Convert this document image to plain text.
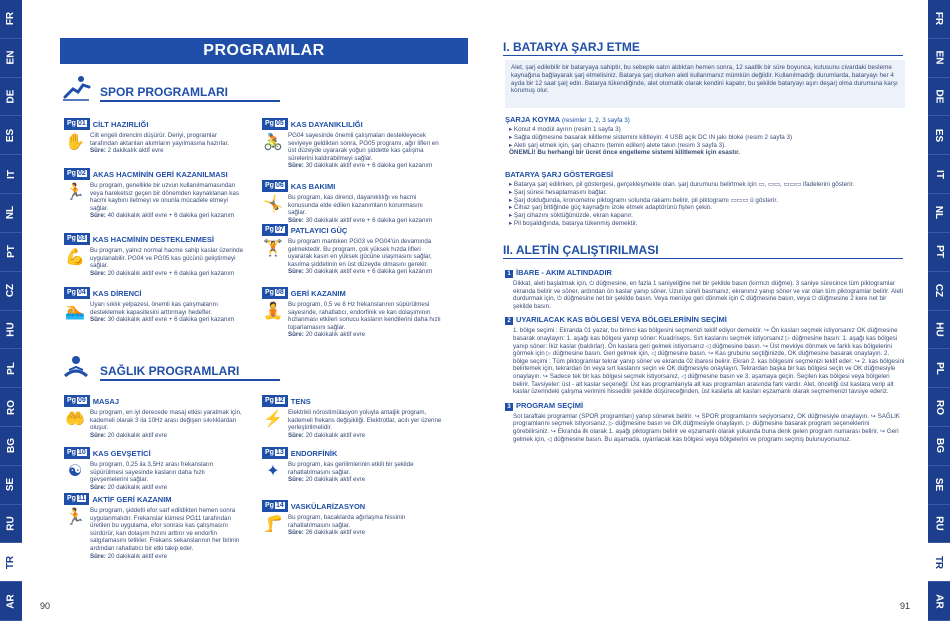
FR
EN
DE
ES
IT
NL
PT
CZ
HU
PL
RO
BG
SE
RU
TR
AR
FR
EN
DE
ES
IT
NL
PT
CZ
HU
PL
RO
BG
SE
RU
TR
AR
PROGRAMLAR
SPOR PROGRAMLARI
Pg 01 CİLT HAZIRLIĞI
✋ Cilt engeli direncini düşürür. Deriyi, programlar tarafından aktarılan akımların yayılmasına hazırlar.
Süre: 2 dakikalık aktif evre
Pg 02 AKAS HACMİNİN GERİ KAZANILMASI
🏃 Bu program, genellikle bir uzvun kullanılmamasından veya hareketsiz geçen bir dönemden kaynaklanan kas hacmi kaybını iletmeyi ve onunla mücadele etmeyi sağlar.
Süre: 40 dakikalık aktif evre + 6 dakika geri kazanım
Pg 03 KAS HACMİNİN DESTEKLENMESİ
💪 Bu program, yalnız normal hacme sahip kaslar üzerinde uygulanabilir. PG04 ve PG05 kas gücünü geliştirmeyi sağlar.
Süre: 20 dakikalık aktif evre + 6 dakika geri kazanım
Pg 04 KAS DİRENCİ
🏊 Uyarı sıklık yelpazesi, önemli kas çalışmalarını desteklemek kapasitesini arttırmayı hedefler.
Süre: 30 dakikalık aktif evre + 6 dakika geri kazanım
Pg 05 KAS DAYANIKLILIĞI
🚴 PG04 sayesinde önemli çalışmaları destekleyecek seviyeye geldikten sonra, PG05 programı, ağır lifleri en üst düzeyde uyararak yoğun şiddette kas çalışma sürelerini kaldırabilmeyi sağlar.
Süre: 30 dakikalık aktif evre + 6 dakika geri kazanım
Pg 06 KAS BAKIMI
🤸 Bu program, kas direnci, dayanıklılığı ve hacmi konusunda elde edilen kazanımların korunmasını sağlar.
Süre: 30 dakikalık aktif evre + 6 dakika geri kazanım
Pg 07 PATLAYICI GÜÇ
🏋 Bu program mantıken PG03 ve PG04'ün devamında gelmektedir. Bu program, çok yüksek hızda lifleri uyararak kasın en yüksek gücüne ulaşmasını sağlar, kasılma şiddetinin en üst düzeyde olmasını gerekir.
Süre: 30 dakikalık aktif evre + 6 dakika geri kazanım
Pg 08 GERİ KAZANIM
🧘 Bu program, 0,5 ve 8 Hz frekanslarının süpürülmesi sayesinde, rahatlatıcı, endorfinik ve kan dolaşımının hızlanması etkileri sonucu kasların kendilerini daha hızlı toparlamasını sağlar.
Süre: 20 dakikalık aktif evre
SAĞLIK PROGRAMLARI
Pg 09 MASAJ
🤲 Bu program, en iyi derecede masaj etkisi yaratmak için, kademeli olarak 3 ila 10Hz arası değişen sıkılıklardan oluşur.
Süre: 20 dakikalık aktif evre
Pg 10 KAS GEVŞETİCİ
☯	Bu program, 0,25 ila 3,5Hz arası frekansların süpürülmesi sayesinde kasların daha hızlı gevşemelerini sağlar.
Süre: 20 dakikalık aktif evre
Pg 11 AKTİF GERİ KAZANIM
🏃 Bu program, şiddetli efor sarf edildikten hemen sonra uygulanmalıdır. Frekanslar kümesi PG11 tarafından üretilen bu uygulama, efor sonrası kas çalışmasını sürdürür, kan dolaşım hızını arttırır ve endorfin salgılamasını tetikler. Frekans sekanslarının her birinin ardından rahatlatıcı bir etki takip eder.
Süre: 20 dakikalık aktif evre
Pg 12 TENS
⚡ Elektrikli nörostimülasyon yoluyla antaljik program, kademeli frekans değişikliği. Elektrotlar, acılı yer üzerine yerleştirilmelidir.
Süre: 20 dakikalık aktif evre
Pg 13 ENDORFİNİK
✦	Bu program, kas gerilimlerinin etkili bir şekilde rahatlatılmasını sağlar.
Süre: 20 dakikalık aktif evre
Pg 14 VASKÜLARİZASYON
🦵 Bu program, bacaklarda ağırlaşma hissinin rahatlatılmasını sağlar.
Süre: 26 dakikalık aktif evre
90
I. BATARYA ŞARJ ETME
Alet, şarj edilebilir bir bataryaya sahiptir, bu sebeple satın aldıktan hemen sonra, 12 saatlik bir süre boyunca, kutusunu civardaki besleme kaynağına bağlayarak şarj etmelisiniz. Batarya şarj olurken aleti kullanmanız mümkün değildir. Kullanılmadığı durumlarda, bataryayı her 4 ayda bir 12 saat şarj edin. Batarya tükendiğinde, alet otomatik olarak kendini kapatır, bu şekilde bataryayı aşırı deşarj olma durumuna karşı korumuş olur.
ŞARJA KOYMA (resimler 1, 2, 3 sayfa 3)
▸ Konut 4 modül ayırın (resim 1 sayfa 3)
▸ Sağla düğmesine basarak kilitleme sistemini kilitleyin: 4 USB açık DC IN jakı bloke (resim 2 sayfa 3)
▸ Aleti şarj etmek için, şarj cihazını (temin edilen) alete takın (resim 3 sayfa 3).
ÖNEMLİ! Bu herhangi bir ücret önce engelleme sistemi kilitlemek için esastır.
BATARYA ŞARJ GÖSTERGESİ
▸ Batarya şarj edilirken, pil göstergesi, gerçekleşmekte olan. şarj durumunu belirtmek için ▭, ▭▭, ▭▭▭ ifadelerini gösterir.
▸ Şarj süresi hesaplamasını bağlar.
▸ Şarj dolduğunda, kronometre piktogramı solunda rakamı belirir, pil piktogramı ▭▭▭ ü gösterir.
▸ Cihaz şarj bittiğinde güç kaynağını izole etmek adaptörünü fişten çekin.
▸ Şarj cihazını söktüğünüzde, ekran kapanır.
▸ Pil boşaldığında, batarya tükenmiş demektir.
II. ALETİN ÇALIŞTIRILMASI
1 İBARE - AKIM ALTINDADIR
Dikkat, aleti başlatmak için, ⏻ düğmesine, en fazla 1 saniyeliğine net bir şekilde basın (kırmızı düğme). 3 saniye sürecince tüm piktogramlar ekranda belirir ve söner, ardından ön kaslar yanıp söner. Uzun süreli basmanız, ekranınız yanıp söner ve var olan tüm piktogramlar belirir. Aleti durdurmak için, ⏻ düğmesine net bir şekilde basın. Veya menüye geri dönmek için C düğmesine basın, veya ⏻ düğmesine 2 kere net bir şekilde basın.
2 UYARILACAK KAS BÖLGESİ VEYA BÖLGELERİNİN SEÇİMİ
1. bölge seçimi : Ekranda 01 yazar, bu birinci kas bölgesini seçmenizi teklif ediyor demektir. ↪ Ön kasları seçmek istiyorsanız OK düğmesine basarak onaylayın: 1. aşağı kas bölgesi yanıp söner: Kuadriseps. Sırt kaslarını seçmek istiyorsanız ▷ düğmesine basın: 1. aşağı kas bölgesi yanıp söner: İkiz kaslar (baldırlar). Ön kaslara geri gelmek istiyorsanız ◁ düğmesine basın. ↪ Üst mevkiye dönmek ve farklı kas bölgelerini görmek için ▷ düğmesine basın. Geri gelmek için, ◁ düğmesine basın. ↪ Kas grubunu seçtiğinizde, OK düğmesine basarak onaylayın. 2. bölge seçimi : Tüm piktogramlar tekrar yanıp söner ve ekranda 02 ibaresi belirir. Ekran 2. kas bölgesini seçmenizi teklif eder: ↪ 2. kas bölgesini belirlemek için, tekrardan ön veya sırt kaslarını seçin ve OK düğmesiyle onaylayın. Tekrardan başka bir kas bölgesi seçin ve OK düğmesiyle onaylayın. ↪ Sadece tek bir kas bölgesi seçmek istiyorsanız, ◁ düğmesine basın ve 3. aşamaya geçin. Seçilen kas bölgesi veya bölgeleri belirir. Tavsiyeler: üst - alt kaslar seçeneği: Üst kas programlarıyla alt kas programları arasında fark vardır. Alet, önceliği üst kaslara verip alt kaslar üzerindeki çalışma verimini hissedilir şekilde düşüreceğinden, üst kaslarla alt kasları eşzamanlı olarak seçmemenizi tavsiye ederiz.
3 PROGRAM SEÇİMİ
Sol taraftaki programlar (SPOR programları) yanıp sönerek belirir. ↪ SPOR programlarını seçiyorsanız, OK düğmesiyle onaylayın. ↪ SAĞLIK programlarını seçmek istiyorsanız, ▷ düğmesine basın ve OK düğmesiyle onaylayın. ▷ düğmesine basarak program seçeneklerini görebilirsiniz. ↪ Ekranda ilk olarak 1. aşağı piktogramı belirir ve eşzamanlı olarak yukarıda buna denk gelen program numarası belirir. ↪ Geri gelmek için, ◁ düğmesine basın. Bu aşamada, uyarılacak kas bölgesi veya bölgelerini ve programı seçmiş bulunuyorsunuz.
91
